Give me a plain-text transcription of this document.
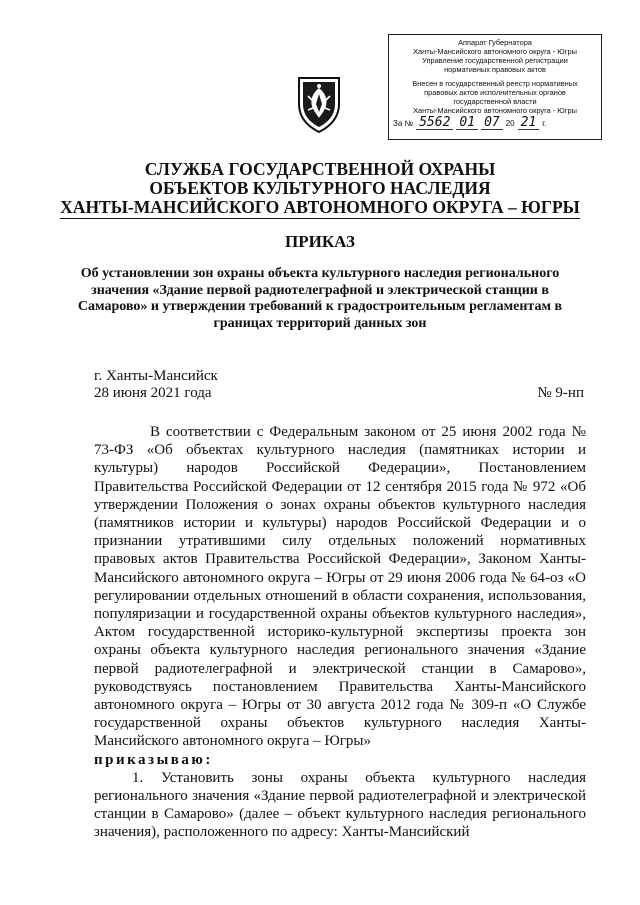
Аппарат Губернатора
Ханты-Мансийского автономного округа - Югры
Управление государственной регистрации
нормативных правовых актов
Внесен в государственный реестр нормативных
правовых актов исполнительных органов
государственной власти
Ханты-Мансийского автономного округа - Югры
За № 5562 01 07 20 21 г.
СЛУЖБА ГОСУДАРСТВЕННОЙ ОХРАНЫ
ОБЪЕКТОВ КУЛЬТУРНОГО НАСЛЕДИЯ
ХАНТЫ-МАНСИЙСКОГО АВТОНОМНОГО ОКРУГА – ЮГРЫ
ПРИКАЗ
Об установлении зон охраны объекта культурного наследия регионального значения «Здание первой радиотелеграфной и электрической станции в Самарово» и утверждении требований к градостроительным регламентам в границах территорий данных зон
г. Ханты-Мансийск
28 июня 2021 года	№ 9-нп

В соответствии с Федеральным законом от 25 июня 2002 года № 73-ФЗ «Об объектах культурного наследия (памятниках истории и культуры) народов Российской Федерации», Постановлением Правительства Российской Федерации от 12 сентября 2015 года № 972 «Об утверждении Положения о зонах охраны объектов культурного наследия (памятников истории и культуры) народов Российской Федерации и о признании утратившими силу отдельных положений нормативных правовых актов Правительства Российской Федерации», Законом Ханты-Мансийского автономного округа – Югры от 29 июня 2006 года № 64-оз «О регулировании отдельных отношений в области сохранения, использования, популяризации и государственной охраны объектов культурного наследия», Актом государственной историко-культурной экспертизы проекта зон охраны объекта культурного наследия регионального значения «Здание первой радиотелеграфной и электрической станции в Самарово», руководствуясь постановлением Правительства Ханты-Мансийского автономного округа – Югры от 30 августа 2012 года № 309-п «О Службе государственной охраны объектов культурного наследия Ханты-Мансийского автономного округа – Югры»

приказываю:

1. Установить зоны охраны объекта культурного наследия регионального значения «Здание первой радиотелеграфной и электрической станции в Самарово» (далее – объект культурного наследия регионального значения), расположенного по адресу: Ханты-Мансийский
